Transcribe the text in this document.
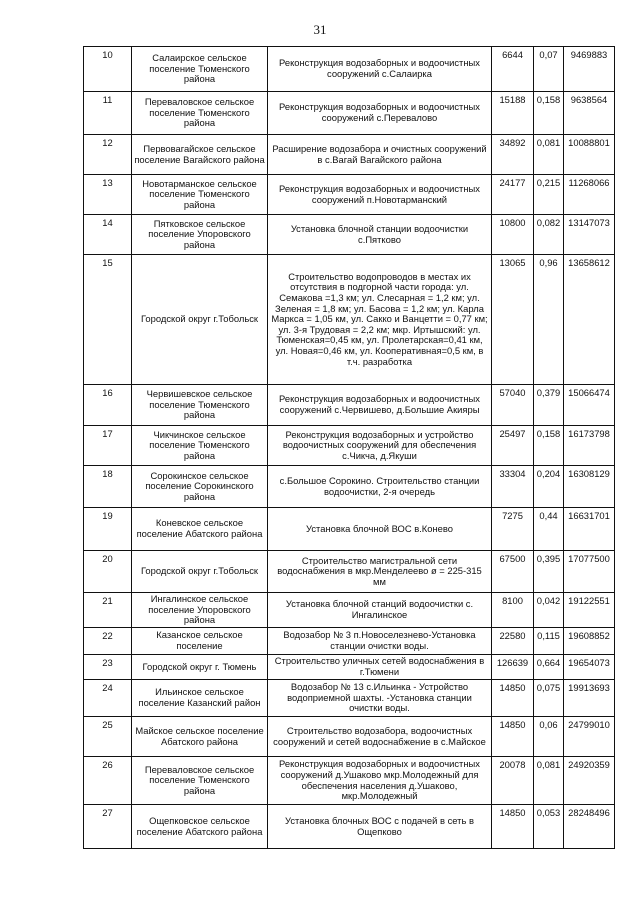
31
10	Салаирское сельское поселение Тюменского района	Реконструкция водозаборных и водоочистных сооружений с.Салаирка	6644	0,07	9469883
11	Переваловское сельское поселение Тюменского района	Реконструкция водозаборных и водоочистных сооружений с.Перевалово	15188	0,158	9638564
12	Первовагайское сельское поселение Вагайского района	Расширение водозабора и очистных сооружений в с.Вагай Вагайского района	34892	0,081	10088801
13	Новотарманское сельское поселение Тюменского района	Реконструкция водозаборных и водоочистных сооружений п.Новотарманский	24177	0,215	11268066
14	Пятковское сельское поселение Упоровского района	Установка блочной станции водоочистки с.Пятково	10800	0,082	13147073
15	Городской округ г.Тобольск	Строительство водопроводов в местах их отсутствия в подгорной части города: ул. Семакова =1,3 км; ул. Слесарная = 1,2 км; ул. Зеленая = 1,8 км; ул. Басова = 1,2 км; ул. Карла Маркса = 1,05 км, ул. Сакко и Ванцетти = 0,77 км; ул. 3-я Трудовая = 2,2 км; мкр. Иртышский: ул. Тюменская=0,45 км, ул. Пролетарская=0,41 км, ул. Новая=0,46 км, ул. Кооперативная=0,5 км, в т.ч. разработка	13065	0,96	13658612
16	Червишевское сельское поселение Тюменского района	Реконструкция водозаборных и водоочистных сооружений с.Червишево, д.Большие Акияры	57040	0,379	15066474
17	Чикчинское сельское поселение Тюменского района	Реконструкция водозаборных и устройство водоочистных сооружений для обеспечения с.Чикча, д.Якуши	25497	0,158	16173798
18	Сорокинское сельское поселение Сорокинского района	с.Большое Сорокино. Строительство станции водоочистки, 2-я очередь	33304	0,204	16308129
19	Коневское сельское поселение Абатского района	Установка блочной ВОС в.Конево	7275	0,44	16631701
20	Городской округ г.Тобольск	Строительство магистральной сети водоснабжения в мкр.Менделеево ø = 225-315 мм	67500	0,395	17077500
21	Ингалинское сельское поселение Упоровского района	Установка блочной станций водоочистки с. Ингалинское	8100	0,042	19122551
22	Казанское сельское поселение	Водозабор № 3 п.Новоселезнево-Установка станции очистки воды.	22580	0,115	19608852
23	Городской округ г. Тюмень	Строительство уличных сетей водоснабжения в г.Тюмени	126639	0,664	19654073
24	Ильинское сельское поселение Казанский район	Водозабор № 13 с.Ильинка - Устройство водоприемной шахты. -Установка станции очистки воды.	14850	0,075	19913693
25	Майское сельское поселение Абатского района	Строительство водозабора, водоочистных сооружений и сетей водоснабжение в с.Майское	14850	0,06	24799010
26	Переваловское сельское поселение Тюменского района	Реконструкция водозаборных и водоочистных сооружений д.Ушаково мкр.Молодежный для обеспечения населения д.Ушаково, мкр.Молодежный	20078	0,081	24920359
27	Ощепковское сельское поселение Абатского района	Установка блочных ВОС с подачей в сеть в Ощепково	14850	0,053	28248496
